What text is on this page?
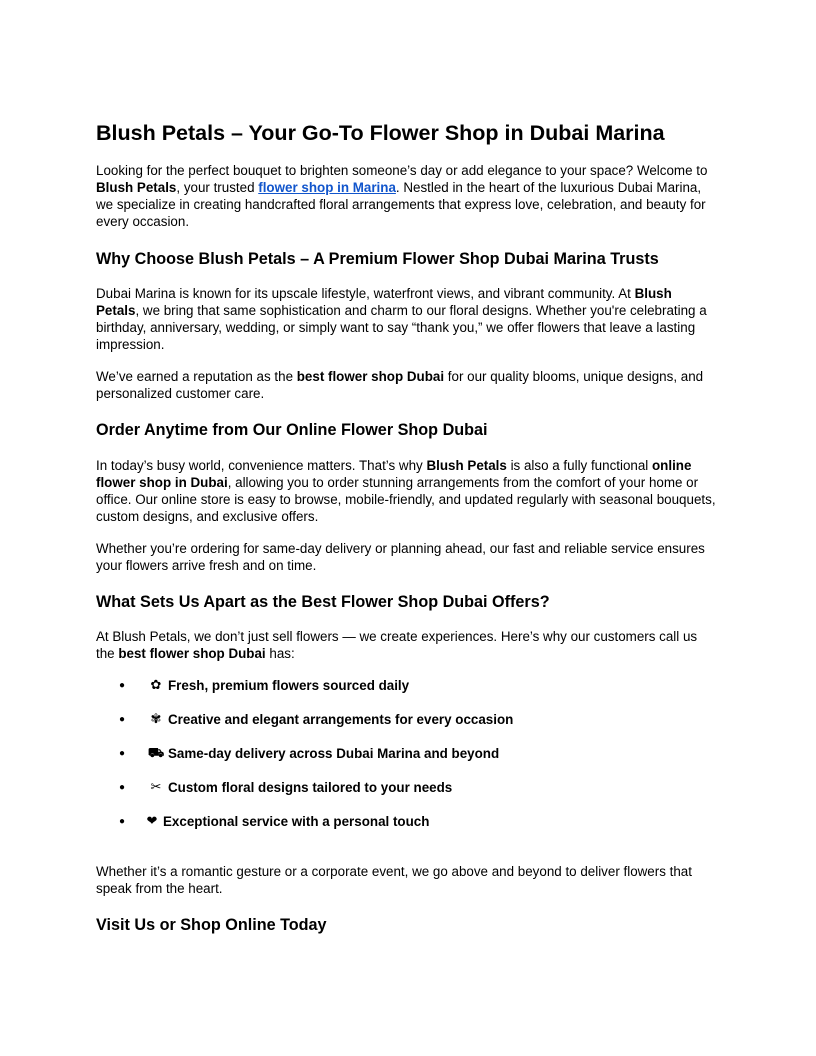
Blush Petals – Your Go-To Flower Shop in Dubai Marina

Looking for the perfect bouquet to brighten someone’s day or add elegance to your space? Welcome to Blush Petals, your trusted flower shop in Marina. Nestled in the heart of the luxurious Dubai Marina, we specialize in creating handcrafted floral arrangements that express love, celebration, and beauty for every occasion.

Why Choose Blush Petals – A Premium Flower Shop Dubai Marina Trusts

Dubai Marina is known for its upscale lifestyle, waterfront views, and vibrant community. At Blush Petals, we bring that same sophistication and charm to our floral designs. Whether you're celebrating a birthday, anniversary, wedding, or simply want to say “thank you,” we offer flowers that leave a lasting impression.

We’ve earned a reputation as the best flower shop Dubai for our quality blooms, unique designs, and personalized customer care.

Order Anytime from Our Online Flower Shop Dubai

In today’s busy world, convenience matters. That’s why Blush Petals is also a fully functional online flower shop in Dubai, allowing you to order stunning arrangements from the comfort of your home or office. Our online store is easy to browse, mobile-friendly, and updated regularly with seasonal bouquets, custom designs, and exclusive offers.

Whether you’re ordering for same-day delivery or planning ahead, our fast and reliable service ensures your flowers arrive fresh and on time.

What Sets Us Apart as the Best Flower Shop Dubai Offers?

At Blush Petals, we don’t just sell flowers — we create experiences. Here’s why our customers call us the best flower shop Dubai has:

●	✿ Fresh, premium flowers sourced daily
●	✾ Creative and elegant arrangements for every occasion
● ⛟ Same-day delivery across Dubai Marina and beyond
●	✂ Custom floral designs tailored to your needs
●	❤ Exceptional service with a personal touch

Whether it’s a romantic gesture or a corporate event, we go above and beyond to deliver flowers that speak from the heart.

Visit Us or Shop Online Today
